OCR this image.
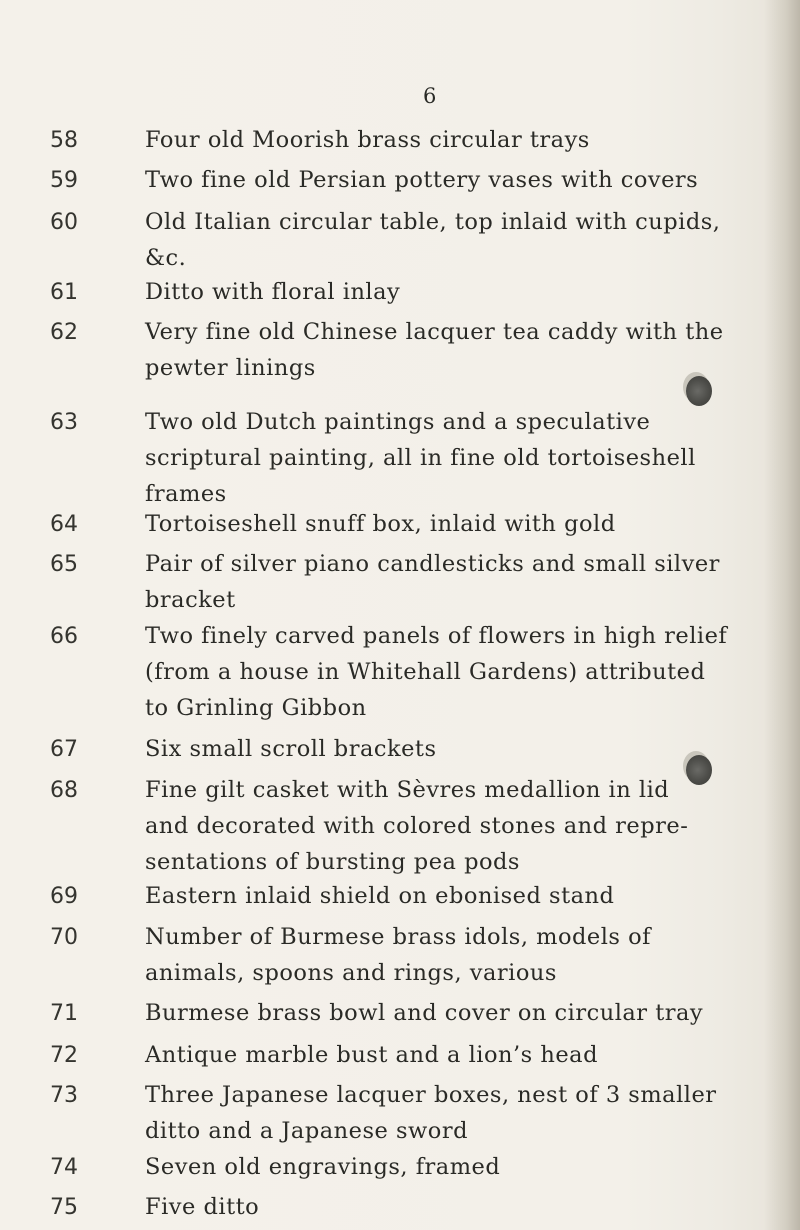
6
58	Four old Moorish brass circular trays
59	Two fine old Persian pottery vases with covers
60	Old Italian circular table, top inlaid with cupids,
&c.
61	Ditto with floral inlay
62	Very fine old Chinese lacquer tea caddy with the
pewter linings
63	Two old Dutch paintings and a speculative
scriptural painting, all in fine old tortoiseshell
frames
64	Tortoiseshell snuff box, inlaid with gold
65	Pair of silver piano candlesticks and small silver
bracket
66	Two finely carved panels of flowers in high relief
(from a house in Whitehall Gardens) attributed
to Grinling Gibbon
67	Six small scroll brackets
68	Fine gilt casket with Sèvres medallion in lid
and decorated with colored stones and repre-
sentations of bursting pea pods
69	Eastern inlaid shield on ebonised stand
70	Number of Burmese brass idols, models of
animals, spoons and rings, various
71	Burmese brass bowl and cover on circular tray
72	Antique marble bust and a lion’s head
73	Three Japanese lacquer boxes, nest of 3 smaller
ditto and a Japanese sword
74	Seven old engravings, framed
75	Five ditto
